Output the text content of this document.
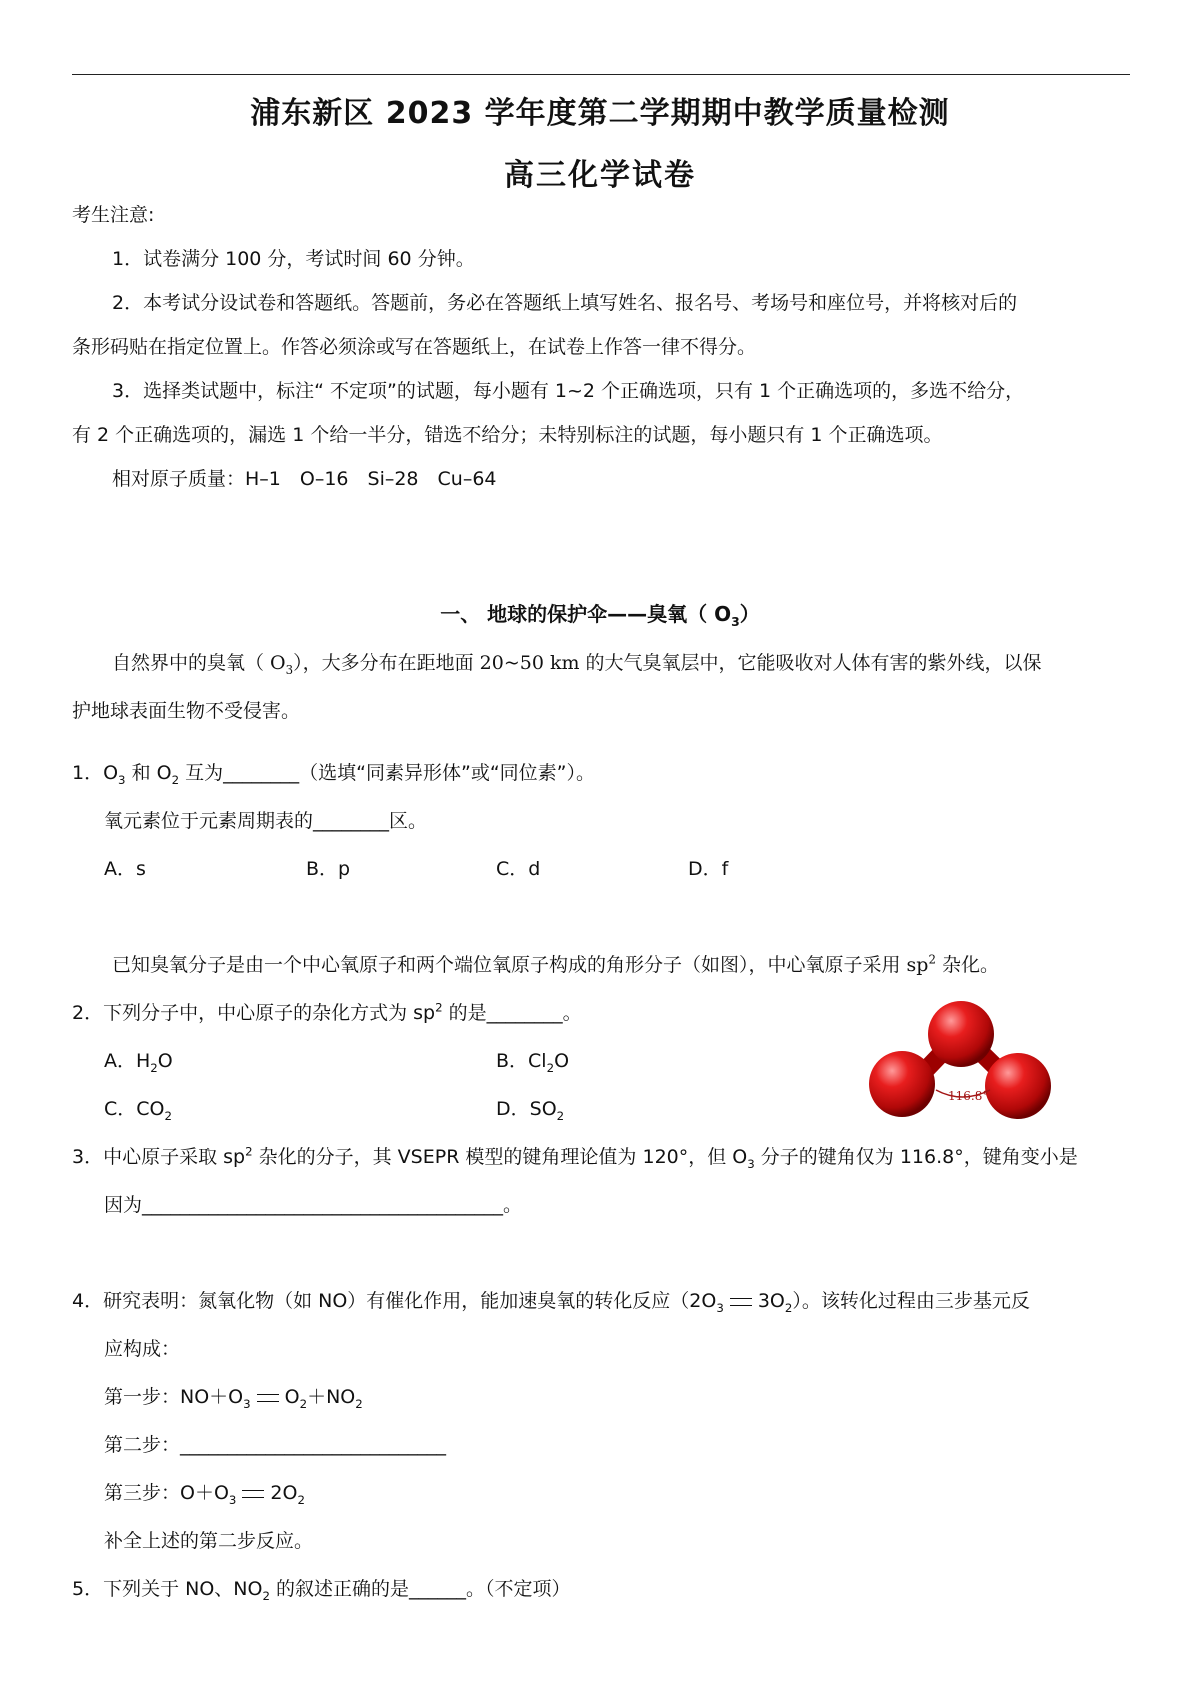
浦东新区 2023 学年度第二学期期中教学质量检测
高三化学试卷
考生注意:
1．试卷满分 100 分，考试时间 60 分钟。
2．本考试分设试卷和答题纸。答题前，务必在答题纸上填写姓名、报名号、考场号和座位号，并将核对后的
条形码贴在指定位置上。作答必须涂或写在答题纸上，在试卷上作答一律不得分。
3．选择类试题中，标注“ 不定项”的试题，每小题有 1~2 个正确选项，只有 1 个正确选项的，多选不给分，
有 2 个正确选项的，漏选 1 个给一半分，错选不给分；未特别标注的试题，每小题只有 1 个正确选项。
相对原子质量：H–1　O–16　Si–28　Cu–64
一、 地球的保护伞——臭氧（ $O_3$）
自然界中的臭氧（ $O_3$），大多分布在距地面 20~50 km 的大气臭氧层中，它能吸收对人体有害的紫外线，以保
护地球表面生物不受侵害。
1．$O_3$ 和 $O_2$ 互为________（选填“同素异形体”或“同位素”）。
氧元素位于元素周期表的________区。
A．s	B．p	C．d	D．f
已知臭氧分子是由一个中心氧原子和两个端位氧原子构成的角形分子（如图），中心氧原子采用 $sp^2$ 杂化。
2．下列分子中，中心原子的杂化方式为 $sp^2$ 的是________。
A．$H_2O$	B．$Cl_2O$
C．$CO_2$	D．$SO_2$
116.8°
3．中心原子采取 $sp^2$ 杂化的分子，其 VSEPR 模型的键角理论值为 120°，但 $O_3$ 分子的键角仅为 116.8°，键角变小是
因为______________________________________。
4．研究表明：氮氧化物（如 NO）有催化作用，能加速臭氧的转化反应（$2O_3$ $3O_2$）。该转化过程由三步基元反
应构成：
第一步：$NO+O_3$ $O_2+NO_2$
第二步：____________________________
第三步：$O+O_3$ $2O_2$
补全上述的第二步反应。
5．下列关于 NO、$NO_2$ 的叙述正确的是______。（不定项）
